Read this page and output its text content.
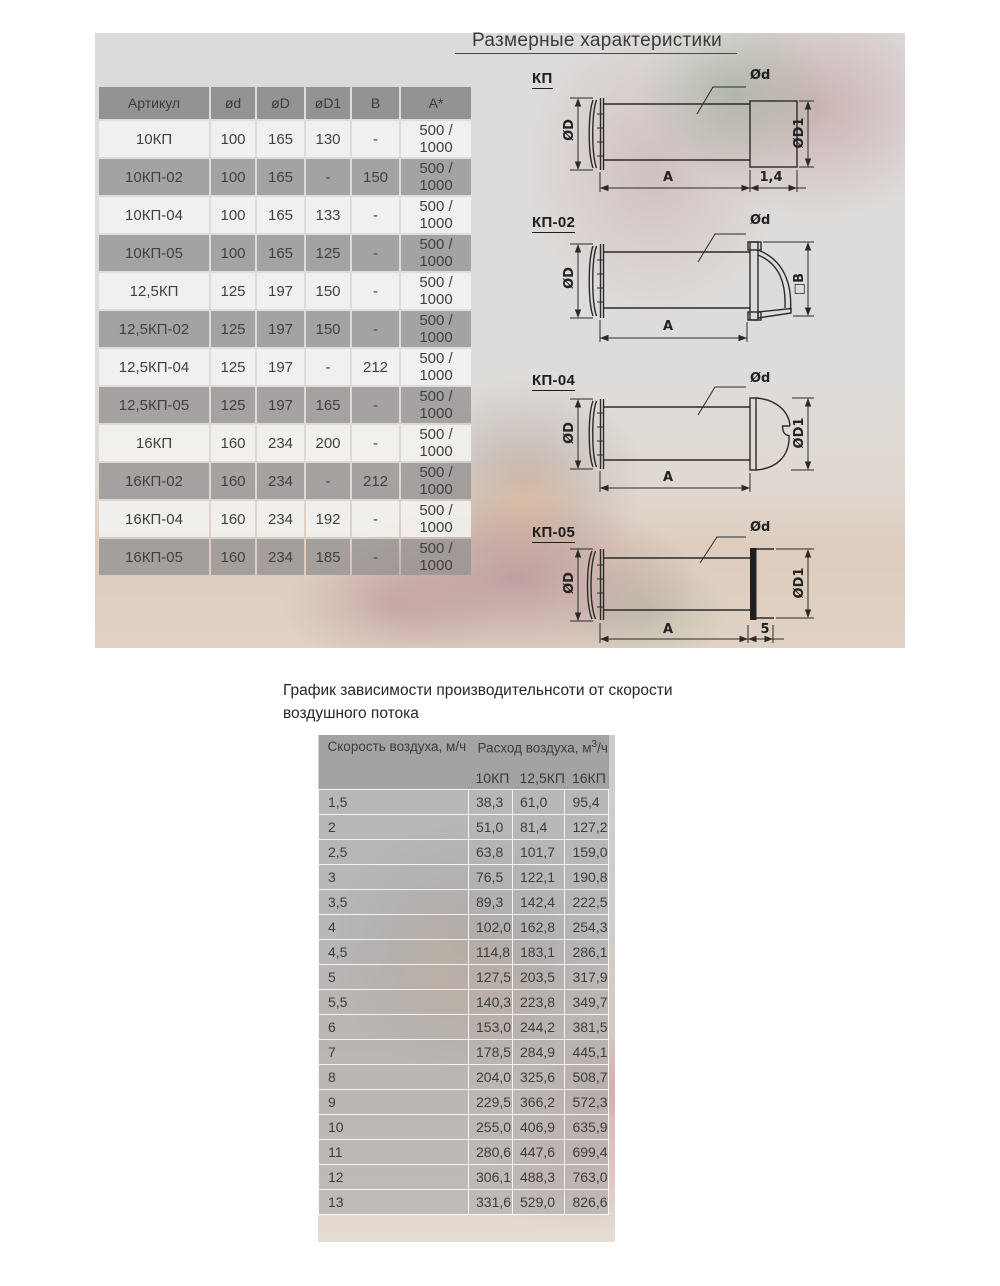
Размерные характеристики
Артикул	ød	øD	øD1	B	А*
10КП	100	165	130	-	500 / 1000
10КП-02	100	165	-	150	500 / 1000
10КП-04	100	165	133	-	500 / 1000
10КП-05	100	165	125	-	500 / 1000
12,5КП	125	197	150	-	500 / 1000
12,5КП-02	125	197	150	-	500 / 1000
12,5КП-04	125	197	-	212	500 / 1000
12,5КП-05	125	197	165	-	500 / 1000
16КП	160	234	200	-	500 / 1000
16КП-02	160	234	-	212	500 / 1000
16КП-04	160	234	192	-	500 / 1000
16КП-05	160	234	185	-	500 / 1000
КП
ØD
Ød
ØD1
A	1,4
КП-02
ØD
Ød
□B
A
КП-04
ØD
Ød
ØD1
A
КП-05
ØD
Ød
ØD1
A	5
График зависимости производительнсоти от скорости
воздушного потока
Скорость воздуха, м/ч	Расход воздуха, $м^3/ч$		
	10КП	12,5КП	16КП
1,5	38,3	61,0	95,4
2	51,0	81,4	127,2
2,5	63,8	101,7	159,0
3	76,5	122,1	190,8
3,5	89,3	142,4	222,5
4	102,0	162,8	254,3
4,5	114,8	183,1	286,1
5	127,5	203,5	317,9
5,5	140,3	223,8	349,7
6	153,0	244,2	381,5
7	178,5	284,9	445,1
8	204,0	325,6	508,7
9	229,5	366,2	572,3
10	255,0	406,9	635,9
11	280,6	447,6	699,4
12	306,1	488,3	763,0
13	331,6	529,0	826,6
